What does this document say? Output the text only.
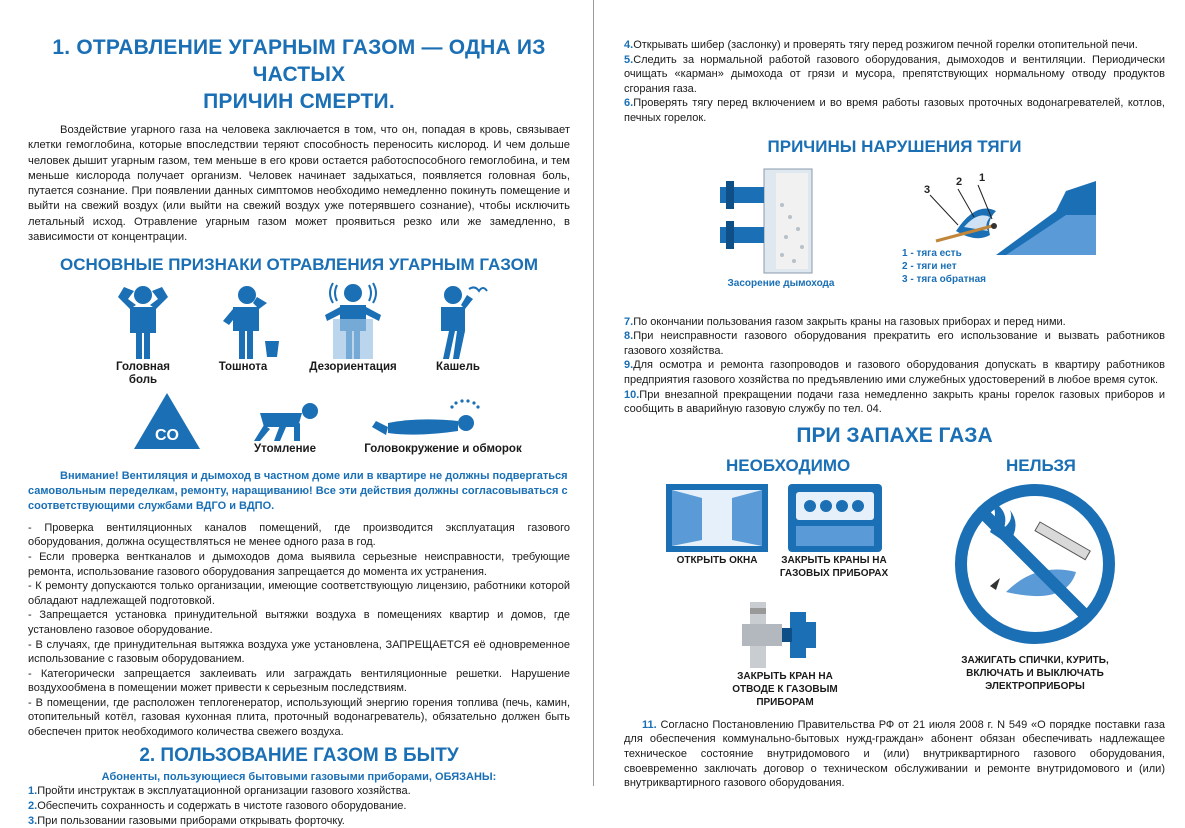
1. ОТРАВЛЕНИЕ УГАРНЫМ ГАЗОМ — ОДНА ИЗ ЧАСТЫХ
ПРИЧИН СМЕРТИ.

Воздействие угарного газа на человека заключается в том, что он, попадая в кровь, связывает клетки гемоглобина, которые впоследствии теряют способность переносить кислород. И чем дольше человек дышит угарным газом, тем меньше в его крови остается работоспособного гемоглобина, и тем меньше кислорода получает организм. Человек начинает задыхаться, появляется головная боль, путается сознание. При появлении данных симптомов необходимо немедленно покинуть помещение и выйти на свежий воздух (или выйти на свежий воздух уже потерявшего сознание), чтобы исключить летальный исход. Отравление угарным газом может проявиться резко или же замедленно, в зависимости от концентрации.

ОСНОВНЫЕ ПРИЗНАКИ ОТРАВЛЕНИЯ УГАРНЫМ ГАЗОМ
Головная боль
Тошнота	Дезориентация	Кашель
CO
Утомление	Головокружение и обморок

Внимание! Вентиляция и дымоход в частном доме или в квартире не должны подвергаться самовольным переделкам, ремонту, наращиванию! Все эти действия должны согласовываться с соответствующими службами ВДГО и ВДПО.

- Проверка вентиляционных каналов помещений, где производится эксплуатация газового оборудования, должна осуществляться не менее одного раза в год.

- Если проверка вентканалов и дымоходов дома выявила серьезные неисправности, требующие ремонта, использование газового оборудования запрещается до момента их устранения.

- К ремонту допускаются только организации, имеющие соответствующую лицензию, работники которой обладают надлежащей подготовкой.

- Запрещается установка принудительной вытяжки воздуха в помещениях квартир и домов, где установлено газовое оборудование.

- В случаях, где принудительная вытяжка воздуха уже установлена, ЗАПРЕЩАЕТСЯ её одновременное использование с газовым оборудованием.

- Категорически запрещается заклеивать или заграждать вентиляционные решетки. Нарушение воздухообмена в помещении может привести к серьезным последствиям.

- В помещении, где расположен теплогенератор, использующий энергию горения топлива (печь, камин, отопительный котёл, газовая кухонная плита, проточный водонагреватель), обязательно должен быть обеспечен приток необходимого количества свежего воздуха.

2. ПОЛЬЗОВАНИЕ ГАЗОМ В БЫТУ

Абоненты, пользующиеся бытовыми газовыми приборами, ОБЯЗАНЫ:

1.Пройти инструктаж в эксплуатационной организации газового хозяйства.

2.Обеспечить сохранность и содержать в чистоте газового оборудование.

3.При пользовании газовыми приборами открывать форточку.

4.Открывать шибер (заслонку) и проверять тягу перед розжигом печной горелки отопительной печи.

5.Следить за нормальной работой газового оборудования, дымоходов и вентиляции. Периодически очищать «карман» дымохода от грязи и мусора, препятствующих нормальному отводу продуктов сгорания газа.

6.Проверять тягу перед включением и во время работы газовых проточных водонагревателей, котлов, печных горелок.

ПРИЧИНЫ НАРУШЕНИЯ ТЯГИ
Засорение дымохода
1
2
3
1 - тяга есть
2 - тяги нет
3 - тяга обратная

7.По окончании пользования газом закрыть краны на газовых приборах и перед ними.

8.При неисправности газового оборудования прекратить его использование и вызвать работников газового хозяйства.

9.Для осмотра и ремонта газопроводов и газового оборудования допускать в квартиру работников предприятия газового хозяйства по предъявлению ими служебных удостоверений в любое время суток.

10.При внезапной прекращении подачи газа немедленно закрыть краны горелок газовых приборов и сообщить в аварийную газовую службу по тел. 04.

ПРИ ЗАПАХЕ ГАЗА
НЕОБХОДИМО	НЕЛЬЗЯ
ОТКРЫТЬ ОКНА	ЗАКРЫТЬ КРАНЫ НА ГАЗОВЫХ ПРИБОРАХ
ЗАКРЫТЬ КРАН НА ОТВОДЕ К ГАЗОВЫМ ПРИБОРАМ
ЗАЖИГАТЬ СПИЧКИ, КУРИТЬ, ВКЛЮЧАТЬ И ВЫКЛЮЧАТЬ ЭЛЕКТРОПРИБОРЫ

11. Согласно Постановлению Правительства РФ от 21 июля 2008 г. N 549 «О порядке поставки газа для обеспечения коммунально-бытовых нужд-граждан» абонент обязан обеспечивать надлежащее техническое состояние внутридомового и (или) внутриквартирного газового оборудования, своевременно заключать договор о техническом обслуживании и ремонте внутридомового и (или) внутриквартирного газового оборудования.
